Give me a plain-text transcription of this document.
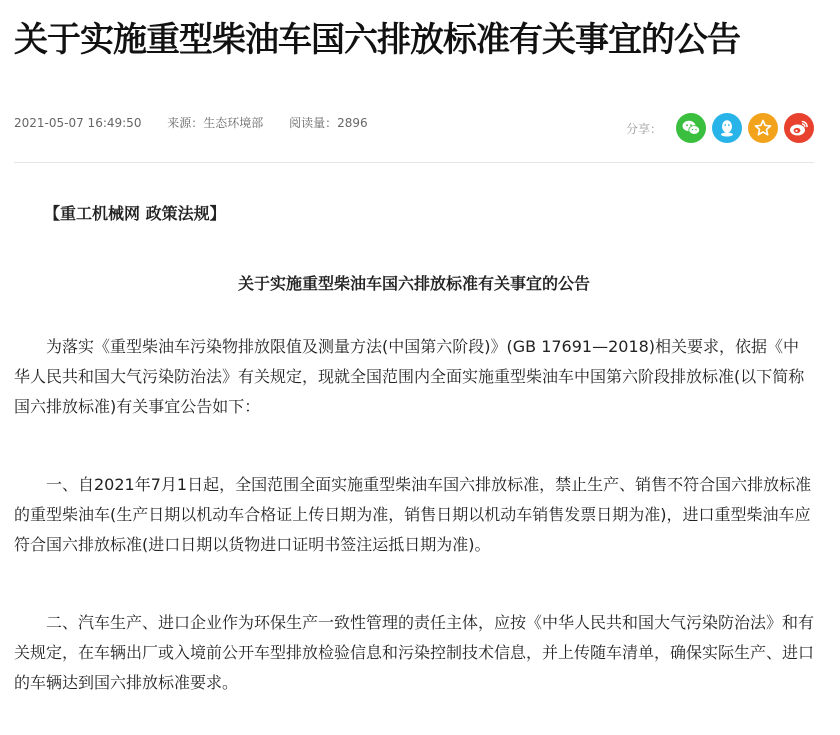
关于实施重型柴油车国六排放标准有关事宜的公告
2021-05-07 16:49:50 来源：生态环境部 阅读量：2896	分享：

【重工机械网 政策法规】

关于实施重型柴油车国六排放标准有关事宜的公告

为落实《重型柴油车污染物排放限值及测量方法(中国第六阶段)》(GB 17691—2018)相关要求，依据《中华人民共和国大气污染防治法》有关规定，现就全国范围内全面实施重型柴油车中国第六阶段排放标准(以下简称国六排放标准)有关事宜公告如下：

一、自2021年7月1日起，全国范围全面实施重型柴油车国六排放标准，禁止生产、销售不符合国六排放标准的重型柴油车(生产日期以机动车合格证上传日期为准，销售日期以机动车销售发票日期为准)，进口重型柴油车应符合国六排放标准(进口日期以货物进口证明书签注运抵日期为准)。

二、汽车生产、进口企业作为环保生产一致性管理的责任主体，应按《中华人民共和国大气污染防治法》和有关规定，在车辆出厂或入境前公开车型排放检验信息和污染控制技术信息，并上传随车清单，确保实际生产、进口的车辆达到国六排放标准要求。
